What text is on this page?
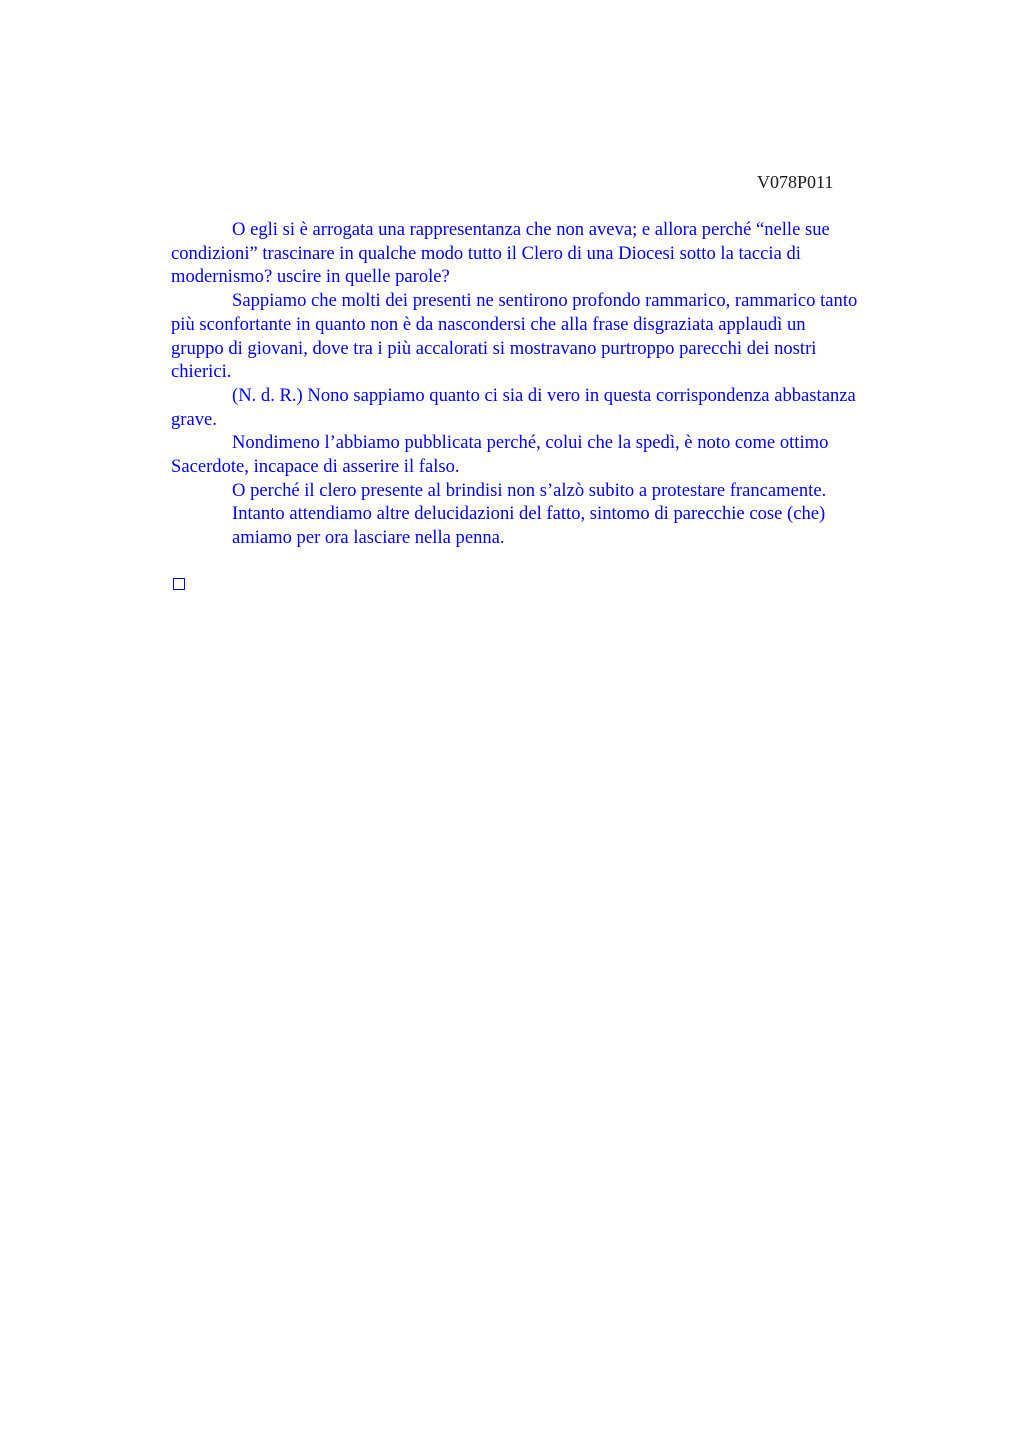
V078P011

O egli si è arrogata una rappresentanza che non aveva; e allora perché “nelle sue
condizioni” trascinare in qualche modo tutto il Clero di una Diocesi sotto la taccia di
modernismo? uscire in quelle parole?

Sappiamo che molti dei presenti ne sentirono profondo rammarico, rammarico tanto
più sconfortante in quanto non è da nascondersi che alla frase disgraziata applaudì un
gruppo di giovani, dove tra i più accalorati si mostravano purtroppo parecchi dei nostri
chierici.

(N. d. R.) Nono sappiamo quanto ci sia di vero in questa corrispondenza abbastanza
grave.

Nondimeno l’abbiamo pubblicata perché, colui che la spedì, è noto come ottimo
Sacerdote, incapace di asserire il falso.

O perché il clero presente al brindisi non s’alzò subito a protestare francamente.

Intanto attendiamo altre delucidazioni del fatto, sintomo di parecchie cose (che)
amiamo per ora lasciare nella penna.
